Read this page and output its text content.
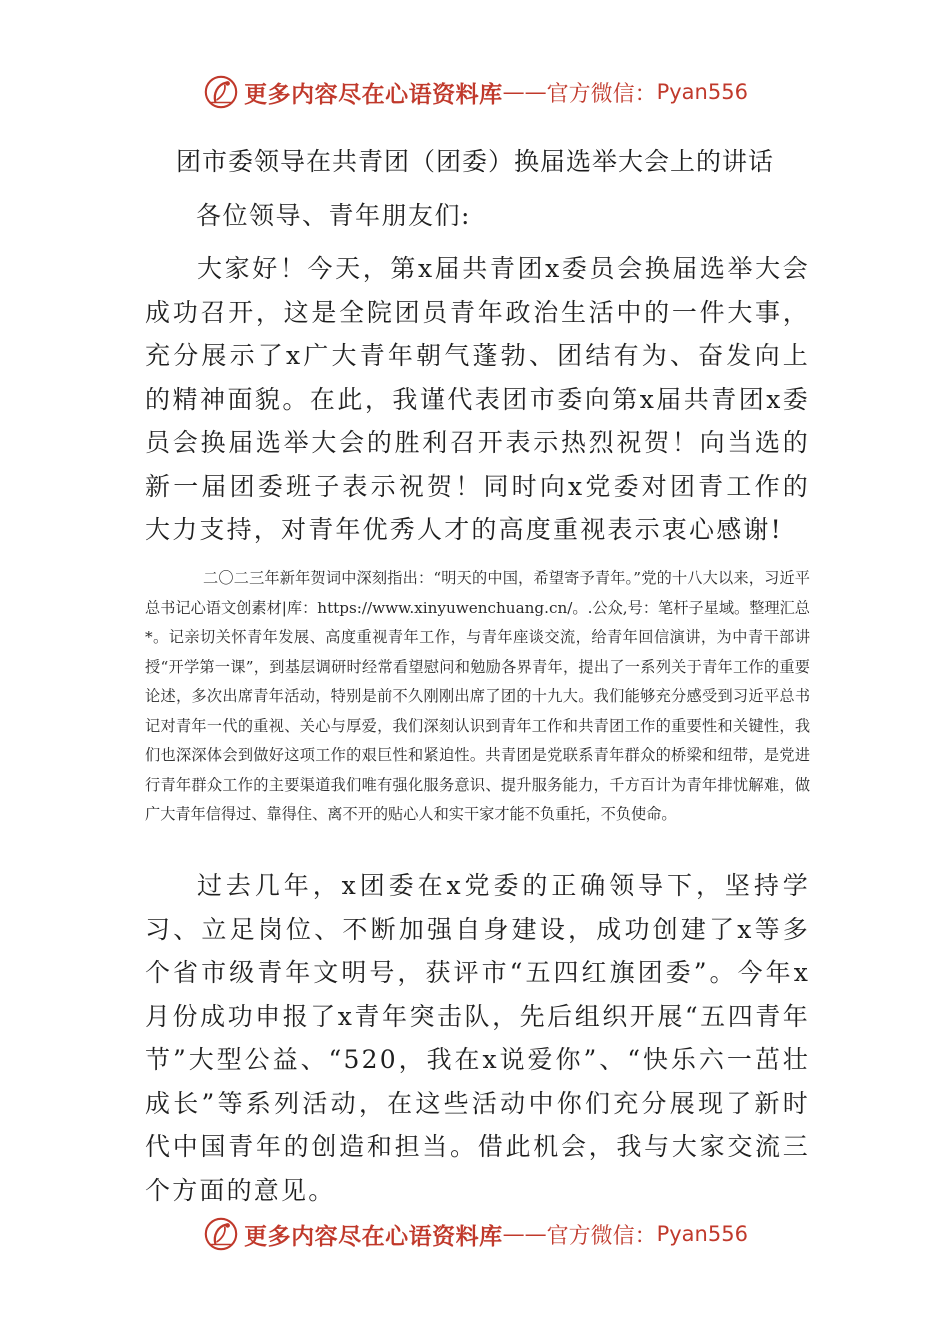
更多内容尽在心语资料库 —— 官方微信： Pyan556
团市委领导在共青团（团委）换届选举大会上的讲话

各位领导、青年朋友们:

大家好！今天，第x届共青团x委员会换届选举大会成功召开，这是全院团员青年政治生活中的一件大事，充分展示了x广大青年朝气蓬勃、团结有为、奋发向上的精神面貌。在此，我谨代表团市委向第x届共青团x委员会换届选举大会的胜利召开表示热烈祝贺！向当选的新一届团委班子表示祝贺！同时向x党委对团青工作的大力支持，对青年优秀人才的高度重视表示衷心感谢!

二〇二三年新年贺词中深刻指出：“明天的中国，希望寄予青年。”党的十八大以来，习近平总书记心语文创素材|库：https://www.xinyuwenchuang.cn/。.公众,号：笔杆子星域。整理汇总*。记亲切关怀青年发展、高度重视青年工作，与青年座谈交流，给青年回信演讲，为中青干部讲授“开学第一课”，到基层调研时经常看望慰问和勉励各界青年，提出了一系列关于青年工作的重要论述，多次出席青年活动，特别是前不久刚刚出席了团的十九大。我们能够充分感受到习近平总书记对青年一代的重视、关心与厚爱，我们深刻认识到青年工作和共青团工作的重要性和关键性，我们也深深体会到做好这项工作的艰巨性和紧迫性。共青团是党联系青年群众的桥梁和纽带，是党进行青年群众工作的主要渠道我们唯有强化服务意识、提升服务能力，千方百计为青年排忧解难，做广大青年信得过、靠得住、离不开的贴心人和实干家才能不负重托，不负使命。

过去几年，x团委在x党委的正确领导下，坚持学习、立足岗位、不断加强自身建设，成功创建了x等多个省市级青年文明号，获评市“五四红旗团委”。今年x月份成功申报了x青年突击队，先后组织开展“五四青年节”大型公益、“520，我在x说爱你”、“快乐六一茁壮成长”等系列活动，在这些活动中你们充分展现了新时代中国青年的创造和担当。借此机会，我与大家交流三个方面的意见。

更多内容尽在心语资料库 —— 官方微信： Pyan556
